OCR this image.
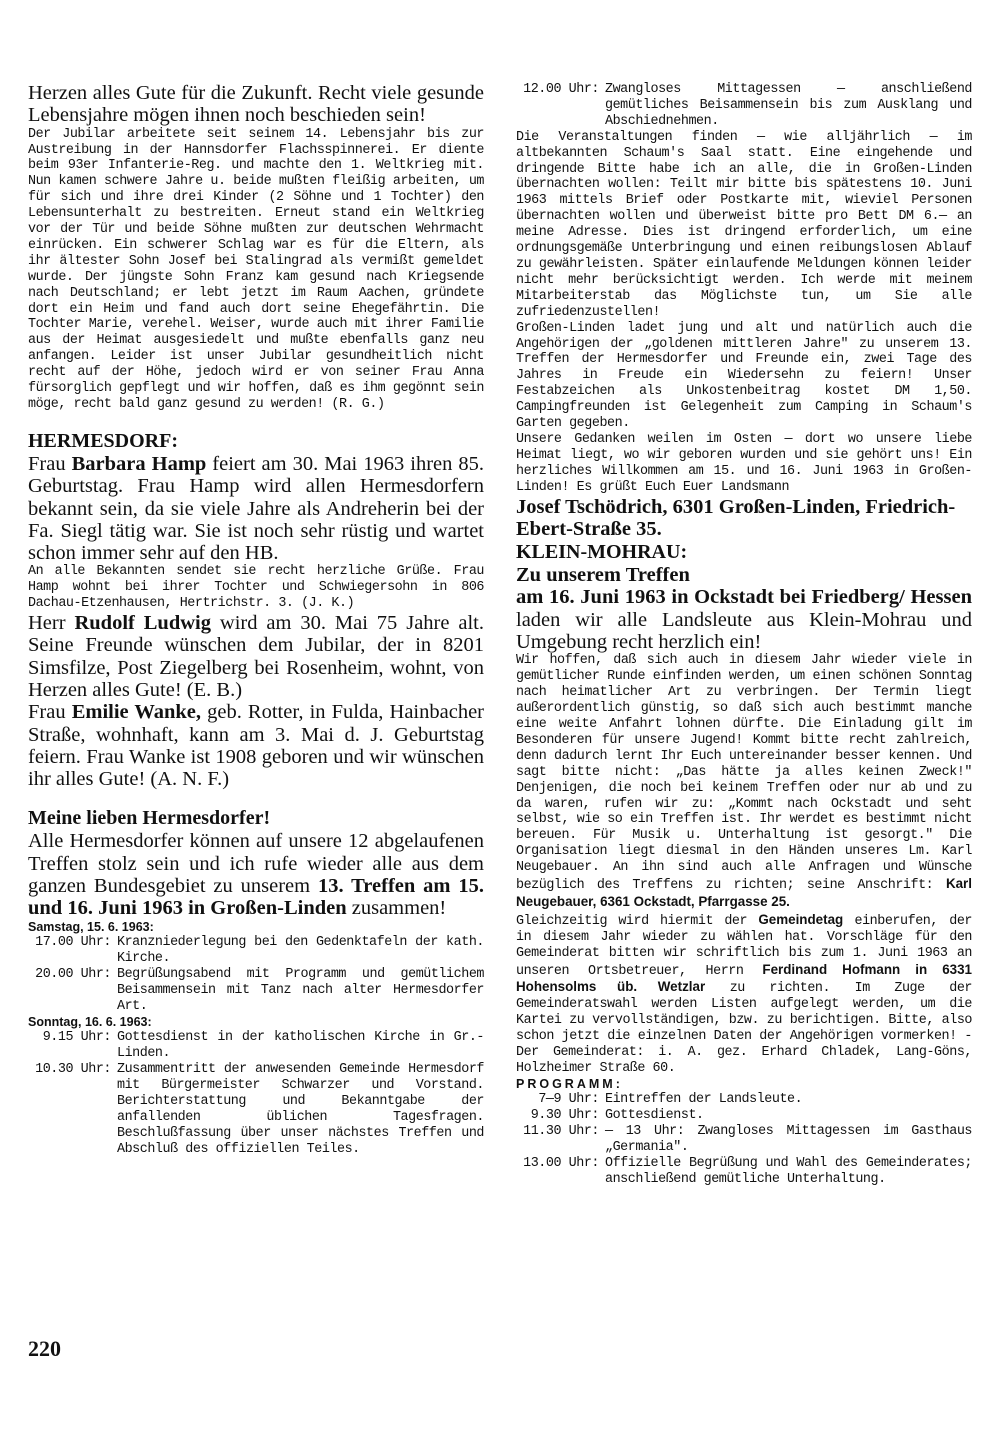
Herzen alles Gute für die Zukunft. Recht viele gesunde Lebensjahre mögen ihnen noch beschieden sein!

Der Jubilar arbeitete seit seinem 14. Lebensjahr bis zur Austreibung in der Hannsdorfer Flachsspinnerei. Er diente beim 93er Infanterie-Reg. und machte den 1. Weltkrieg mit. Nun kamen schwere Jahre u. beide mußten fleißig arbeiten, um für sich und ihre drei Kinder (2 Söhne und 1 Tochter) den Lebensunterhalt zu bestreiten. Erneut stand ein Weltkrieg vor der Tür und beide Söhne mußten zur deutschen Wehrmacht einrücken. Ein schwerer Schlag war es für die Eltern, als ihr ältester Sohn Josef bei Stalingrad als vermißt gemeldet wurde. Der jüngste Sohn Franz kam gesund nach Kriegsende nach Deutschland; er lebt jetzt im Raum Aachen, gründete dort ein Heim und fand auch dort seine Ehegefährtin. Die Tochter Marie, verehel. Weiser, wurde auch mit ihrer Familie aus der Heimat ausgesiedelt und mußte ebenfalls ganz neu anfangen. Leider ist unser Jubilar gesundheitlich nicht recht auf der Höhe, jedoch wird er von seiner Frau Anna fürsorglich gepflegt und wir hoffen, daß es ihm gegönnt sein möge, recht bald ganz gesund zu werden! (R. G.)

HERMESDORF:

Frau Barbara Hamp feiert am 30. Mai 1963 ihren 85. Geburtstag. Frau Hamp wird allen Hermesdorfern bekannt sein, da sie viele Jahre als Andreherin bei der Fa. Siegl tätig war. Sie ist noch sehr rüstig und wartet schon immer sehr auf den HB.

An alle Bekannten sendet sie recht herzliche Grüße. Frau Hamp wohnt bei ihrer Tochter und Schwiegersohn in 806 Dachau-Etzenhausen, Hertrichstr. 3. (J. K.)

Herr Rudolf Ludwig wird am 30. Mai 75 Jahre alt. Seine Freunde wünschen dem Jubilar, der in 8201 Simsfilze, Post Ziegelberg bei Rosenheim, wohnt, von Herzen alles Gute! (E. B.)

Frau Emilie Wanke, geb. Rotter, in Fulda, Hainbacher Straße, wohnhaft, kann am 3. Mai d. J. Geburtstag feiern. Frau Wanke ist 1908 geboren und wir wünschen ihr alles Gute! (A. N. F.)

Meine lieben Hermesdorfer!

Alle Hermesdorfer können auf unsere 12 abgelaufenen Treffen stolz sein und ich rufe wieder alle aus dem ganzen Bundesgebiet zu unserem 13. Treffen am 15. und 16. Juni 1963 in Großen-Linden zusammen!

Samstag, 15. 6. 1963:

17.00 Uhr: Kranzniederlegung bei den Gedenktafeln der kath. Kirche.
20.00 Uhr: Begrüßungsabend mit Programm und gemütlichem Beisammensein mit Tanz nach alter Hermesdorfer Art.

Sonntag, 16. 6. 1963:

9.15 Uhr: Gottesdienst in der katholischen Kirche in Gr.-Linden.
10.30 Uhr: Zusammentritt der anwesenden Gemeinde Hermesdorf mit Bürgermeister Schwarzer und Vorstand. Berichterstattung und Bekanntgabe der anfallenden üblichen Tagesfragen. Beschlußfassung über unser nächstes Treffen und Abschluß des offiziellen Teiles.
12.00 Uhr: Zwangloses Mittagessen — anschließend gemütliches Beisammensein bis zum Ausklang und Abschiednehmen.

Die Veranstaltungen finden — wie alljährlich — im altbekannten Schaum's Saal statt. Eine eingehende und dringende Bitte habe ich an alle, die in Großen-Linden übernachten wollen: Teilt mir bitte bis spätestens 10. Juni 1963 mittels Brief oder Postkarte mit, wieviel Personen übernachten wollen und überweist bitte pro Bett DM 6.— an meine Adresse. Dies ist dringend erforderlich, um eine ordnungsgemäße Unterbringung und einen reibungslosen Ablauf zu gewährleisten. Später einlaufende Meldungen können leider nicht mehr berücksichtigt werden. Ich werde mit meinem Mitarbeiterstab das Möglichste tun, um Sie alle zufriedenzustellen!

Großen-Linden ladet jung und alt und natürlich auch die Angehörigen der „goldenen mittleren Jahre" zu unserem 13. Treffen der Hermesdorfer und Freunde ein, zwei Tage des Jahres in Freude ein Wiedersehn zu feiern! Unser Festabzeichen als Unkostenbeitrag kostet DM 1,50. Campingfreunden ist Gelegenheit zum Camping in Schaum's Garten gegeben.

Unsere Gedanken weilen im Osten — dort wo unsere liebe Heimat liegt, wo wir geboren wurden und sie gehört uns! Ein herzliches Willkommen am 15. und 16. Juni 1963 in Großen-Linden! Es grüßt Euch Euer Landsmann

Josef Tschödrich, 6301 Großen-Linden, Friedrich-Ebert-Straße 35.

KLEIN-MOHRAU:

Zu unserem Treffen

am 16. Juni 1963 in Ockstadt bei Friedberg/ Hessen laden wir alle Landsleute aus Klein-Mohrau und Umgebung recht herzlich ein!

Wir hoffen, daß sich auch in diesem Jahr wieder viele in gemütlicher Runde einfinden werden, um einen schönen Sonntag nach heimatlicher Art zu verbringen. Der Termin liegt außerordentlich günstig, so daß sich auch bestimmt manche eine weite Anfahrt lohnen dürfte. Die Einladung gilt im Besonderen für unsere Jugend! Kommt bitte recht zahlreich, denn dadurch lernt Ihr Euch untereinander besser kennen. Und sagt bitte nicht: „Das hätte ja alles keinen Zweck!" Denjenigen, die noch bei keinem Treffen oder nur ab und zu da waren, rufen wir zu: „Kommt nach Ockstadt und seht selbst, wie so ein Treffen ist. Ihr werdet es bestimmt nicht bereuen. Für Musik u. Unterhaltung ist gesorgt." Die Organisation liegt diesmal in den Händen unseres Lm. Karl Neugebauer. An ihn sind auch alle Anfragen und Wünsche bezüglich des Treffens zu richten; seine Anschrift: Karl Neugebauer, 6361 Ockstadt, Pfarrgasse 25.

Gleichzeitig wird hiermit der Gemeindetag einberufen, der in diesem Jahr wieder zu wählen hat. Vorschläge für den Gemeinderat bitten wir schriftlich bis zum 1. Juni 1963 an unseren Ortsbetreuer, Herrn Ferdinand Hofmann in 6331 Hohensolms üb. Wetzlar zu richten. Im Zuge der Gemeinderatswahl werden Listen aufgelegt werden, um die Kartei zu vervollständigen, bzw. zu berichtigen. Bitte, also schon jetzt die einzelnen Daten der Angehörigen vormerken! - Der Gemeinderat: i. A. gez. Erhard Chladek, Lang-Göns, Holzheimer Straße 60.

PROGRAMM:

7—9 Uhr: Eintreffen der Landsleute.
9.30 Uhr: Gottesdienst.
11.30 Uhr: — 13 Uhr: Zwangloses Mittagessen im Gasthaus „Germania".
13.00 Uhr: Offizielle Begrüßung und Wahl des Gemeinderates; anschließend gemütliche Unterhaltung.
220
